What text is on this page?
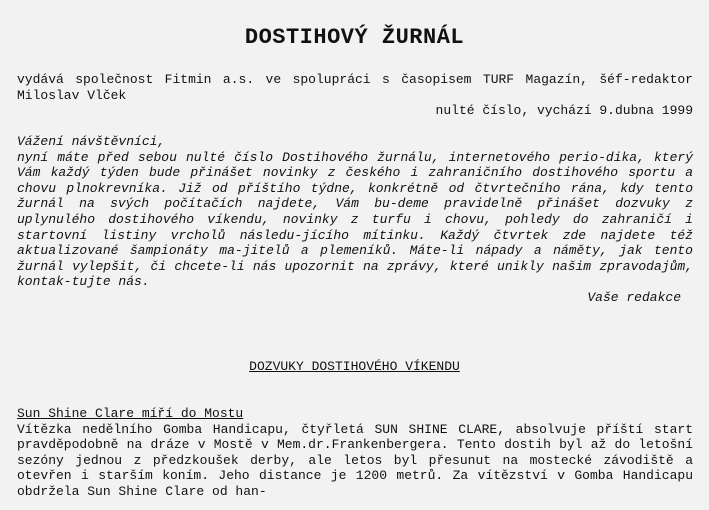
DOSTIHOVÝ ŽURNÁL

vydává společnost Fitmin a.s. ve spolupráci s časopisem TURF Magazín, šéf-redaktor Miloslav Vlček

nulté číslo, vychází 9.dubna 1999

Vážení návštěvníci,

nyní máte před sebou nulté číslo Dostihového žurnálu, internetového perio-dika, který Vám každý týden bude přinášet novinky z českého i zahraničního dostihového sportu a chovu plnokrevníka. Již od příštího týdne, konkrétně od čtvrtečního rána, kdy tento žurnál na svých počítačích najdete, Vám bu-deme pravidelně přinášet dozvuky z uplynulého dostihového víkendu, novinky z turfu i chovu, pohledy do zahraničí i startovní listiny vrcholů následu-jícího mítinku. Každý čtvrtek zde najdete též aktualizované šampionáty ma-jitelů a plemeníků. Máte-li nápady a náměty, jak tento žurnál vylepšit, či chcete-li nás upozornit na zprávy, které unikly našim zpravodajům, kontak-tujte nás.

Vaše redakce

DOZVUKY DOSTIHOVÉHO VÍKENDU
Sun Shine Clare míří do Mostu

Vítězka nedělního Gomba Handicapu, čtyřletá SUN SHINE CLARE, absolvuje příští start pravděpodobně na dráze v Mostě v Mem.dr.Frankenbergera. Tento dostih byl až do letošní sezóny jednou z předzkoušek derby, ale letos byl přesunut na mostecké závodiště a otevřen i starším koním. Jeho distance je 1200 metrů. Za vítězství v Gomba Handicapu obdržela Sun Shine Clare od han-
